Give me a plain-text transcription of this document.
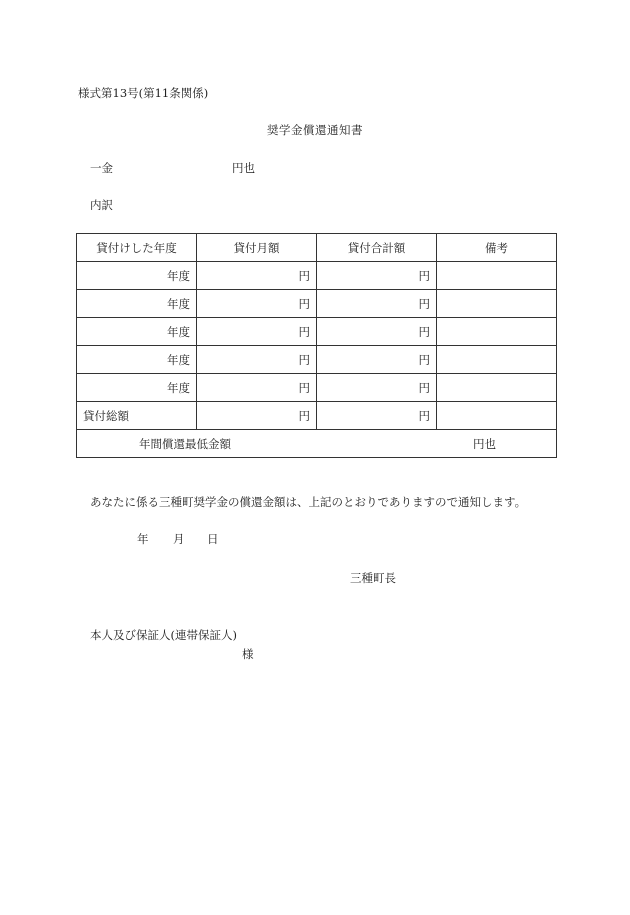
様式第13号(第11条関係)
奨学金償還通知書
一金	円也
内訳
貸付けした年度	貸付月額	貸付合計額	備考
年度	円	円	
年度	円	円	
年度	円	円	
年度	円	円	
年度	円	円	
貸付総額	円	円	

年間償還最低金額 円也			
あなたに係る三種町奨学金の償還金額は、上記のとおりでありますので通知します。
年 月 日
三種町長
本人及び保証人(連帯保証人)
様
